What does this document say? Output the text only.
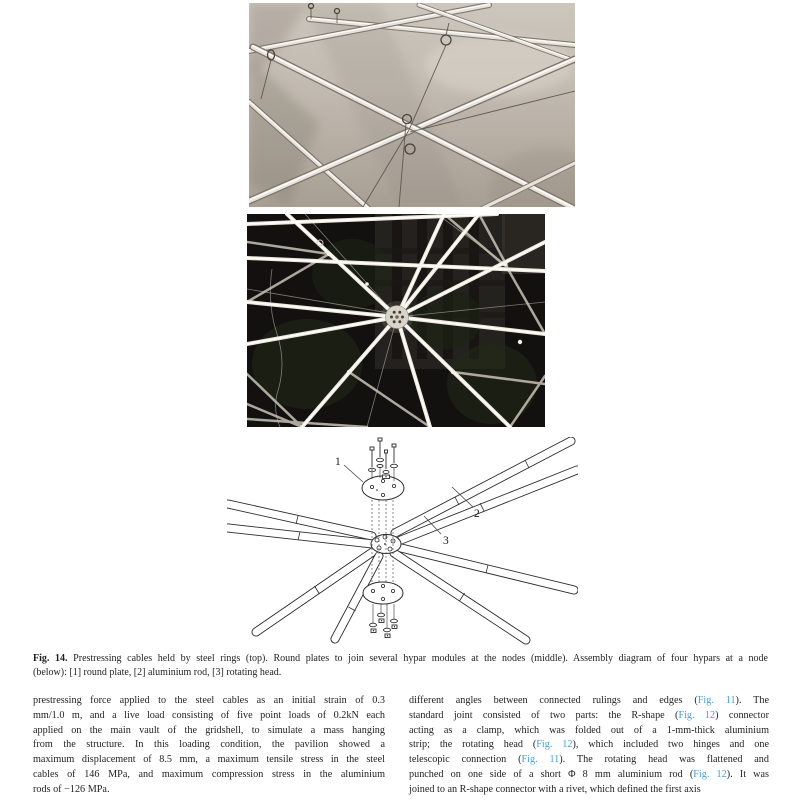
1
2
3
Fig. 14. Prestressing cables held by steel rings (top). Round plates to join several hypar modules at the nodes (middle). Assembly diagram of four hypars at a node
(below): [1] round plate, [2] aluminium rod, [3] rotating head.
prestressing force applied to the steel cables as an initial strain of 0.3
mm/1.0 m, and a live load consisting of five point loads of 0.2kN each
applied on the main vault of the gridshell, to simulate a mass hanging
from the structure. In this loading condition, the pavilion showed a
maximum displacement of 8.5 mm, a maximum tensile stress in the steel
cables of 146 MPa, and maximum compression stress in the aluminium
rods of −126 MPa.
different angles between connected rulings and edges (Fig. 11). The
standard joint consisted of two parts: the R-shape (Fig. 12) connector
acting as a clamp, which was folded out of a 1-mm-thick aluminium
strip; the rotating head (Fig. 12), which included two hinges and one
telescopic connection (Fig. 11). The rotating head was flattened and
punched on one side of a short Φ 8 mm aluminium rod (Fig. 12). It was
joined to an R-shape connector with a rivet, which defined the first axis
